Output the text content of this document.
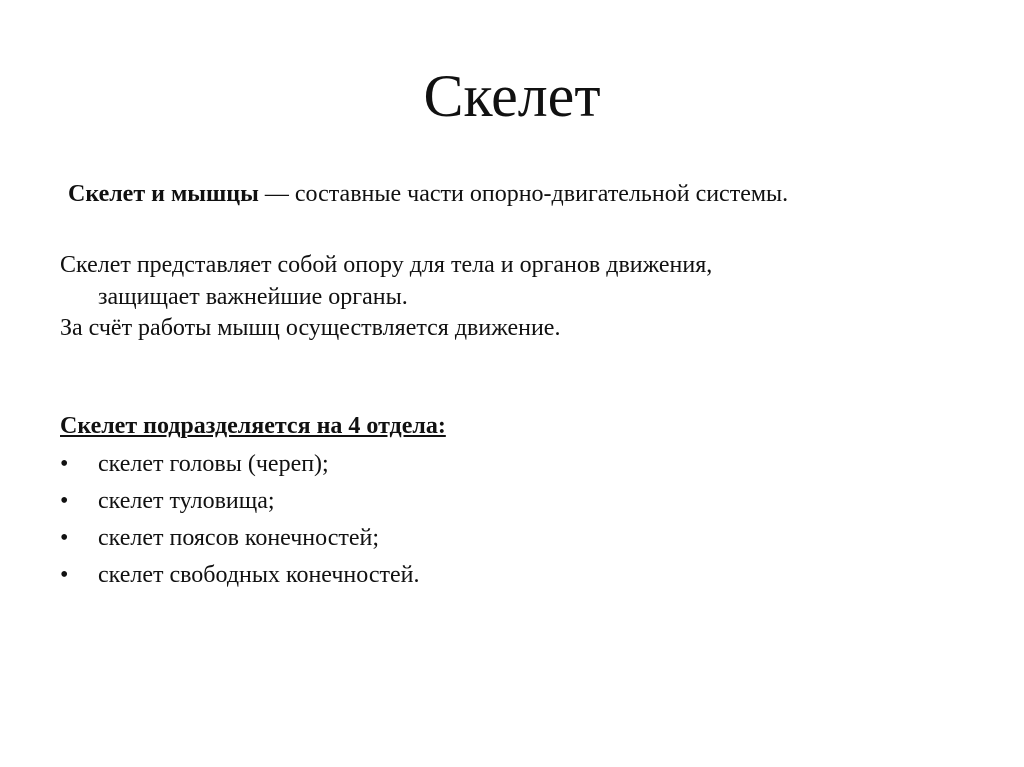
Скелет

Скелет и мышцы — составные части опорно-двигательной системы.

Скелет представляет собой опору для тела и органов движения,
защищает важнейшие органы.

За счёт работы мышц осуществляется движение.

Скелет подразделяется на 4 отдела:

•	скелет головы (череп);
•	скелет туловища;
•	скелет поясов конечностей;
•	скелет свободных конечностей.
